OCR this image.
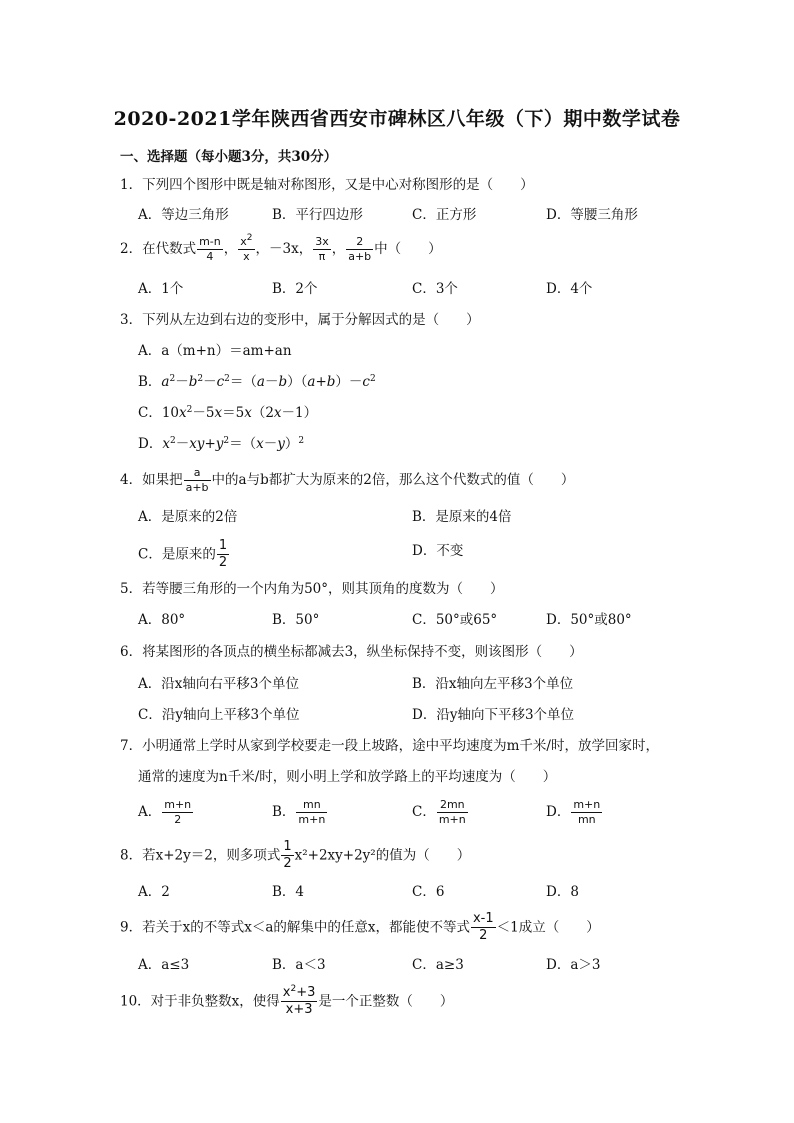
2020-2021学年陕西省西安市碑林区八年级（下）期中数学试卷
一、选择题（每小题3分，共30分）
1．下列四个图形中既是轴对称图形，又是中心对称图形的是（　　）
A．等边三角形	B．平行四边形	C．正方形	D．等腰三角形
2．在代数式 $\frac{m-n}{4}$ ， $\frac{x^2}{x}$ ，－3x， $\frac{3x}{\pi}$ ， $\frac{2}{a+b}$ 中（　　）
A．1个	B．2个	C．3个	D．4个
3．下列从左边到右边的变形中，属于分解因式的是（　　）
A．a（m+n）＝am+an
B．$a^2-b^2-c^2=(a-b)(a+b)-c^2$
C．$10x^2-5x=5x(2x-1)$
D．$x^2-xy+y^2=(x-y)^2$
4．如果把 $\frac{a}{a+b}$ 中的a与b都扩大为原来的2倍，那么这个代数式的值（　　）
A．是原来的2倍	B．是原来的4倍
C．是原来的 $\frac{1}{2}$	D．不变
5．若等腰三角形的一个内角为50°，则其顶角的度数为（　　）
A．80°	B．50°	C．50°或65°	D．50°或80°
6．将某图形的各顶点的横坐标都减去3，纵坐标保持不变，则该图形（　　）
A．沿x轴向右平移3个单位	B．沿x轴向左平移3个单位
C．沿y轴向上平移3个单位	D．沿y轴向下平移3个单位
7．小明通常上学时从家到学校要走一段上坡路，途中平均速度为m千米/时，放学回家时，
通常的速度为n千米/时，则小明上学和放学路上的平均速度为（　　）
A． $\frac{m+n}{2}$	B． $\frac{mn}{m+n}$	C． $\frac{2mn}{m+n}$	D． $\frac{m+n}{mn}$
8．若x+2y＝2，则多项式 $\frac{1}{2} x^2+2xy+2y^2$的值为（　　）
A．2	B．4	C．6	D．8
9．若关于x的不等式x＜a的解集中的任意x，都能使不等式 $\frac{x-1}{2} <1$成立（　　）
A．a≤3	B．a＜3	C．a≥3	D．a＞3
10．对于非负整数x，使得 $\frac{x^2+3}{x+3}$ 是一个正整数（　　）
